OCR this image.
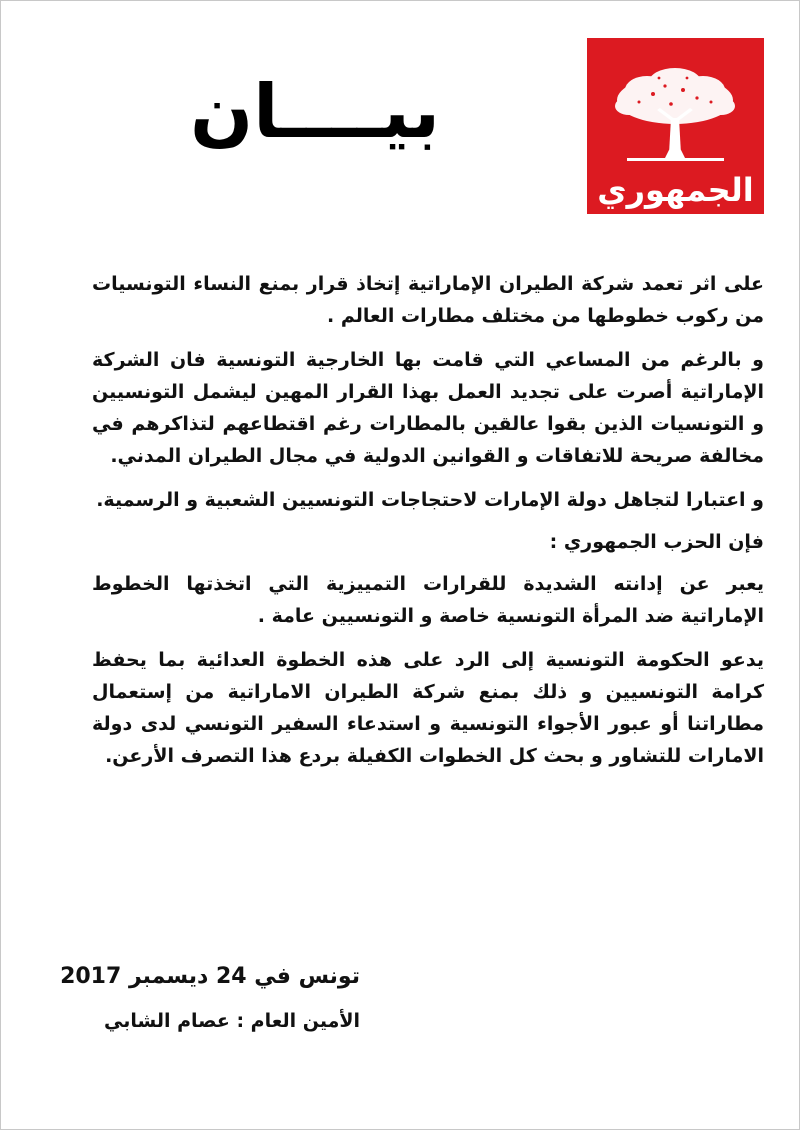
بيــــان
الجمهوري

على اثر تعمد شركة الطيران الإماراتية إتخاذ قرار بمنع النساء التونسيات من ركوب خطوطها من مختلف مطارات العالم .

و بالرغم من المساعي التي قامت بها الخارجية التونسية فان الشركة الإماراتية أصرت على تجديد العمل بهذا القرار المهين ليشمل التونسيين و التونسيات الذين بقوا عالقين بالمطارات رغم اقتطاعهم لتذاكرهم في مخالفة صريحة للاتفاقات و القوانين الدولية في مجال الطيران المدني.

و اعتبارا لتجاهل دولة الإمارات لاحتجاجات التونسيين الشعبية و الرسمية.

فإن الحزب الجمهوري :

يعبر عن إدانته الشديدة للقرارات التمييزية التي اتخذتها الخطوط الإماراتية ضد المرأة التونسية خاصة و التونسيين عامة .

يدعو الحكومة التونسية إلى الرد على هذه الخطوة العدائية بما يحفظ كرامة التونسيين و ذلك بمنع شركة الطيران الاماراتية من إستعمال مطاراتنا أو عبور الأجواء التونسية و استدعاء السفير التونسي لدى دولة الامارات للتشاور و بحث كل الخطوات الكفيلة بردع هذا التصرف الأرعن.

تونس في 24 ديسمبر 2017
الأمين العام : عصام الشابي
